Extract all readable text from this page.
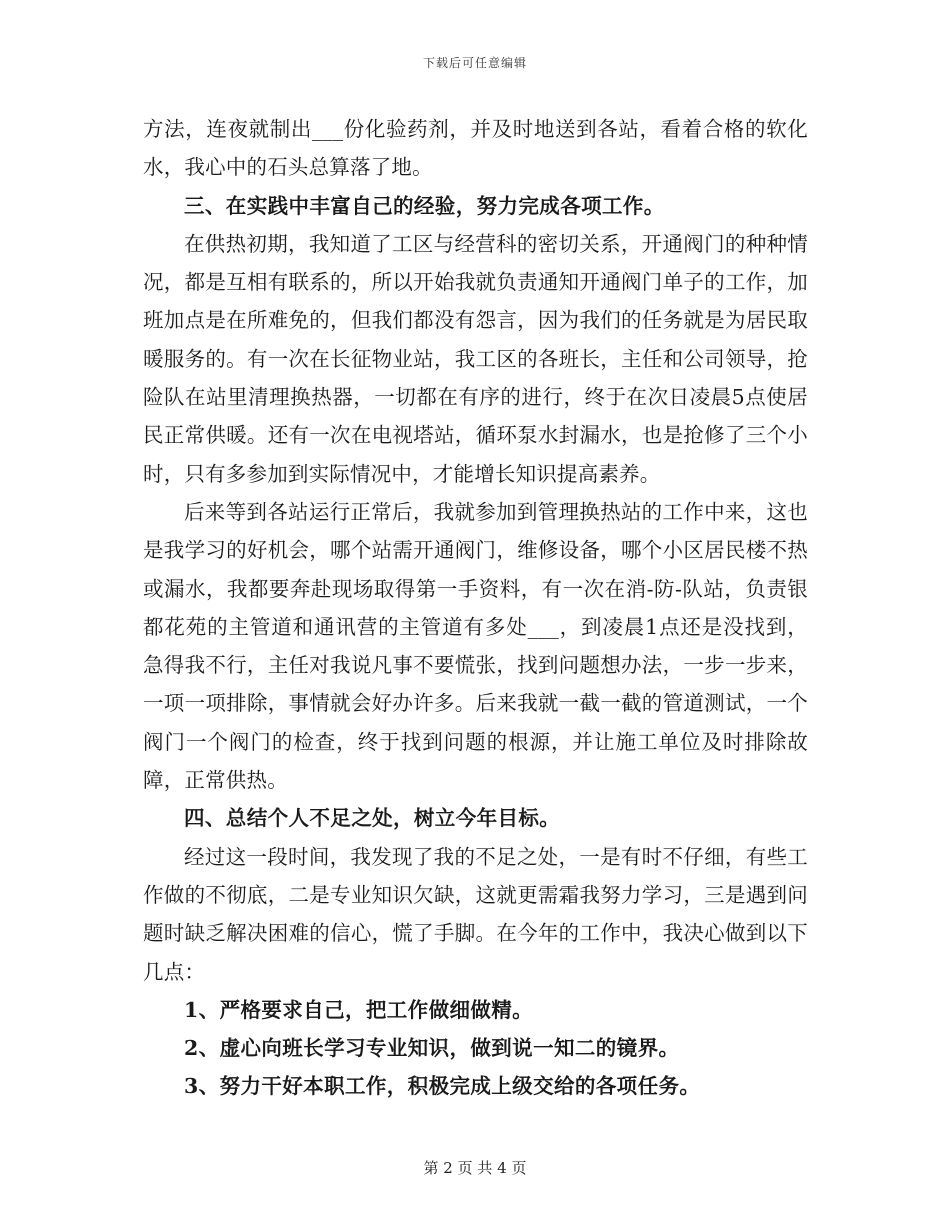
下载后可任意编辑

方法，连夜就制出___份化验药剂，并及时地送到各站，看着合格的软化水，我心中的石头总算落了地。

三、在实践中丰富自己的经验，努力完成各项工作。

在供热初期，我知道了工区与经营科的密切关系，开通阀门的种种情况，都是互相有联系的，所以开始我就负责通知开通阀门单子的工作，加班加点是在所难免的，但我们都没有怨言，因为我们的任务就是为居民取暖服务的。有一次在长征物业站，我工区的各班长，主任和公司领导，抢险队在站里清理换热器，一切都在有序的进行，终于在次日凌晨5点使居民正常供暖。还有一次在电视塔站，循环泵水封漏水，也是抢修了三个小时，只有多参加到实际情况中，才能增长知识提高素养。

后来等到各站运行正常后，我就参加到管理换热站的工作中来，这也是我学习的好机会，哪个站需开通阀门，维修设备，哪个小区居民楼不热或漏水，我都要奔赴现场取得第一手资料，有一次在消-防-队站，负责银都花苑的主管道和通讯营的主管道有多处___，到凌晨1点还是没找到，急得我不行，主任对我说凡事不要慌张，找到问题想办法，一步一步来，一项一项排除，事情就会好办许多。后来我就一截一截的管道测试，一个阀门一个阀门的检查，终于找到问题的根源，并让施工单位及时排除故障，正常供热。

四、总结个人不足之处，树立今年目标。

经过这一段时间，我发现了我的不足之处，一是有时不仔细，有些工作做的不彻底，二是专业知识欠缺，这就更需霜我努力学习，三是遇到问题时缺乏解决困难的信心，慌了手脚。在今年的工作中，我决心做到以下几点：

1、严格要求自己，把工作做细做精。

2、虚心向班长学习专业知识，做到说一知二的镜界。

3、努力干好本职工作，积极完成上级交给的各项任务。

第 2 页 共 4 页
